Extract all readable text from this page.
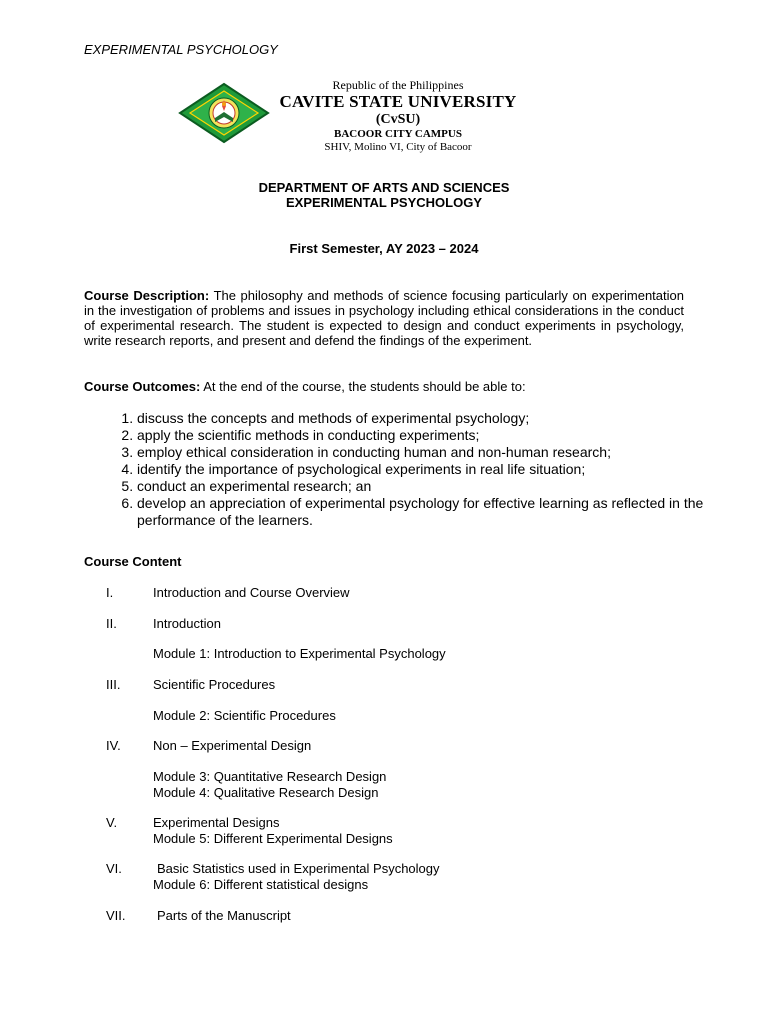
EXPERIMENTAL PSYCHOLOGY
Republic of the Philippines
CAVITE STATE UNIVERSITY
(CvSU)
BACOOR CITY CAMPUS
SHIV, Molino VI, City of Bacoor
DEPARTMENT OF ARTS AND SCIENCES
EXPERIMENTAL PSYCHOLOGY
First Semester, AY 2023 – 2024
Course Description: The philosophy and methods of science focusing particularly on experimentation in the investigation of problems and issues in psychology including ethical considerations in the conduct of experimental research. The student is expected to design and conduct experiments in psychology, write research reports, and present and defend the findings of the experiment.
Course Outcomes: At the end of the course, the students should be able to:
1. discuss the concepts and methods of experimental psychology;
2. apply the scientific methods in conducting experiments;
3. employ ethical consideration in conducting human and non-human research;
4. identify the importance of psychological experiments in real life situation;
5. conduct an experimental research; an
6. develop an appreciation of experimental psychology for effective learning as reflected in the performance of the learners.
Course Content
I.	Introduction and Course Overview
II.	Introduction
Module 1: Introduction to Experimental Psychology
III.	Scientific Procedures
Module 2: Scientific Procedures
IV. Non – Experimental Design
Module 3: Quantitative Research Design
Module 4: Qualitative Research Design
V.	Experimental Designs
Module 5: Different Experimental Designs
VI.	Basic Statistics used in Experimental Psychology
Module 6: Different statistical designs
VII. Parts of the Manuscript
